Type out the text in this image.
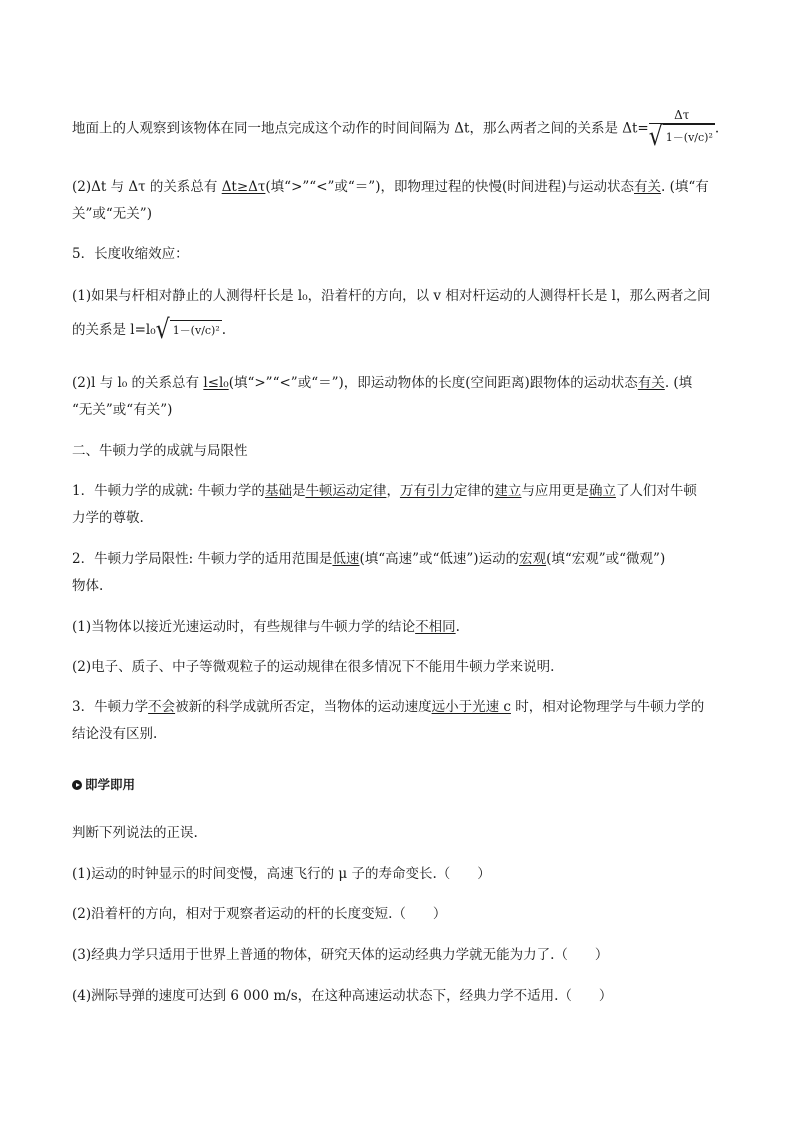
地面上的人观察到该物体在同一地点完成这个动作的时间间隔为 Δt，那么两者之间的关系是 $\Delta t= \frac{\Delta\tau}{\text{√ 1－(v/c)²}}$ .
(2)Δt 与 Δτ 的关系总有 Δt≥Δτ(填“>”“<”或“＝”)，即物理过程的快慢(时间进程)与运动状态有关. (填“有
关”或“无关”)
5．长度收缩效应：
(1)如果与杆相对静止的人测得杆长是 l₀，沿着杆的方向，以 v 相对杆运动的人测得杆长是 l，那么两者之间
的关系是 l=l₀√ 1－(v/c)² .
(2)l 与 l₀ 的关系总有 l≤l₀(填“>”“<”或“＝”)，即运动物体的长度(空间距离)跟物体的运动状态有关. (填
“无关”或“有关”)
二、牛顿力学的成就与局限性
1．牛顿力学的成就: 牛顿力学的基础是牛顿运动定律，万有引力定律的建立与应用更是确立了人们对牛顿
力学的尊敬.
2．牛顿力学局限性: 牛顿力学的适用范围是低速(填“高速”或“低速”)运动的宏观(填“宏观”或“微观”)
物体.
(1)当物体以接近光速运动时，有些规律与牛顿力学的结论不相同.
(2)电子、质子、中子等微观粒子的运动规律在很多情况下不能用牛顿力学来说明.
3．牛顿力学不会被新的科学成就所否定，当物体的运动速度远小于光速 c 时，相对论物理学与牛顿力学的
结论没有区别.
即学即用
判断下列说法的正误.
(1)运动的时钟显示的时间变慢，高速飞行的 μ 子的寿命变长.（　　）
(2)沿着杆的方向，相对于观察者运动的杆的长度变短.（　　）
(3)经典力学只适用于世界上普通的物体，研究天体的运动经典力学就无能为力了.（　　）
(4)洲际导弹的速度可达到 6 000 m/s，在这种高速运动状态下，经典力学不适用.（　　）
